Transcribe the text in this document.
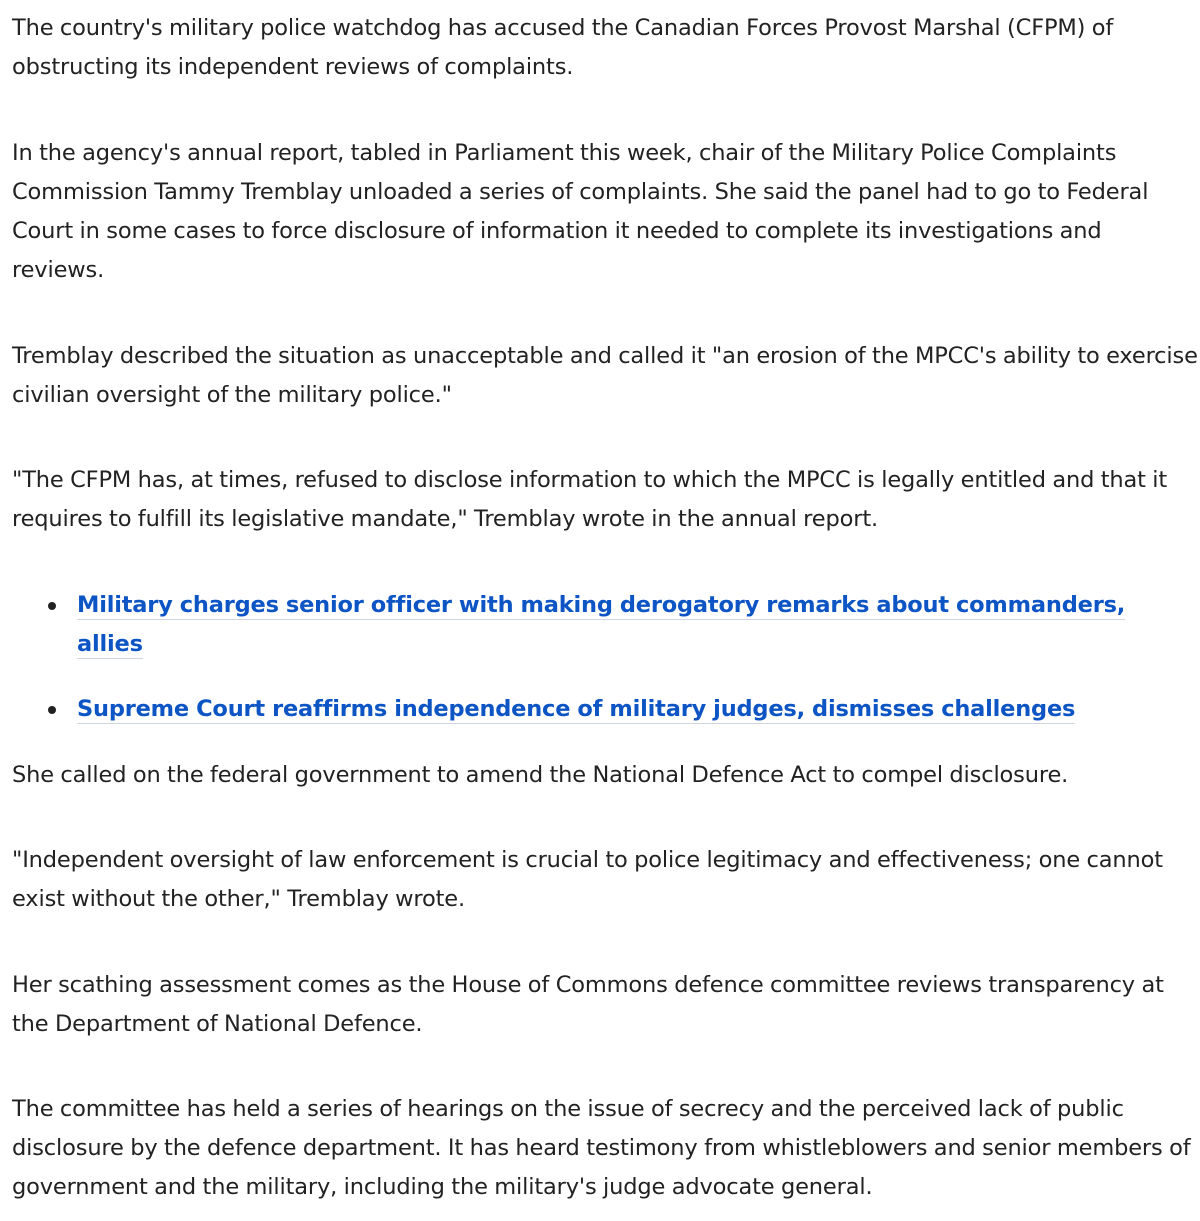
The country's military police watchdog has accused the Canadian Forces Provost Marshal (CFPM) of obstructing its independent reviews of complaints.

In the agency's annual report, tabled in Parliament this week, chair of the Military Police Complaints Commission Tammy Tremblay unloaded a series of complaints. She said the panel had to go to Federal Court in some cases to force disclosure of information it needed to complete its investigations and reviews.

Tremblay described the situation as unacceptable and called it "an erosion of the MPCC's ability to exercise civilian oversight of the military police."

"The CFPM has, at times, refused to disclose information to which the MPCC is legally entitled and that it requires to fulfill its legislative mandate," Tremblay wrote in the annual report.

Military charges senior officer with making derogatory remarks about commanders, allies
Supreme Court reaffirms independence of military judges, dismisses challenges

She called on the federal government to amend the National Defence Act to compel disclosure.

"Independent oversight of law enforcement is crucial to police legitimacy and effectiveness; one cannot exist without the other," Tremblay wrote.

Her scathing assessment comes as the House of Commons defence committee reviews transparency at the Department of National Defence.

The committee has held a series of hearings on the issue of secrecy and the perceived lack of public disclosure by the defence department. It has heard testimony from whistleblowers and senior members of government and the military, including the military's judge advocate general.
